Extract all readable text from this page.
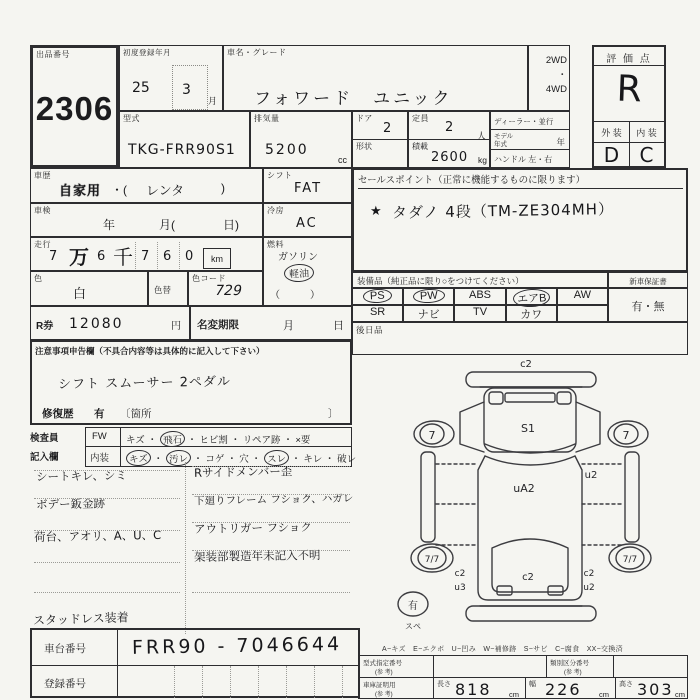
出品番号
2306
初度登録年月
25 3
月
車名・グレード
フォワード　ユニック
2WD
・
4WD
型式
TKG-FRR90S1
排気量
5200
cc
ドア
2
形状
定員
2
人
積載
2600 kg
ディーラー・並行
モデル
年式	年
ハンドル 左・右
評 価 点
R
外 装	内 装
D	C
車歴
自家用 ・( レンタ	)
シフト
FAT
車検
年	月(	日)
冷房
AC
走行
7 万 6 千 7 6 0	km
燃料
ガソリン
軽油
（　　　）
色
白	色替
色コード
729
R券 12080	円 名変期限	月	日
セールスポイント（正常に機能するものに限ります）
★ タダノ 4段（TM-ZE304MH）
装備品（純正品に限り○をつけてください）	新車保証書
PS	PW	ABS	エアB	AW
SR	ナビ	TV	カワ
有・無
後日品
注意事項申告欄（不具合内容等は具体的に記入して下さい）
シフト スムーサー 2ペダル
修復歴 有 〔箇所	〕
検査員
記入欄
FW キズ ・ 飛石 ・ ヒビ割 ・ リペア跡 ・ ×要
内装 キズ ・ 汚レ ・ コゲ ・ 穴 ・ スレ ・ キレ ・ 破レ
シートキレ、シミ
ボデー鈑金跡
荷台、アオリ、A、U、C
Rサイドメンバー歪
下廻りフレーム フショク、ハガレ
アウトリガー フショク
架装部製造年未記入不明
スタッドレス装着
車台番号 FRR90 - 7046644
登録番号
A−キズ　E−エクボ　U−凹み　W−補修跡　S−サビ　C−腐食　XX−交換済
型式指定番号
(参 考)
類別区分番号
(参 考)
車庫証明用
(参 考)
長さ 818 cm
幅 226 cm
高さ 303 cm
c2
S1
uA2
u2
c2
u3
c2	c2
u2
7	7
7/7	7/7
有
スペ
